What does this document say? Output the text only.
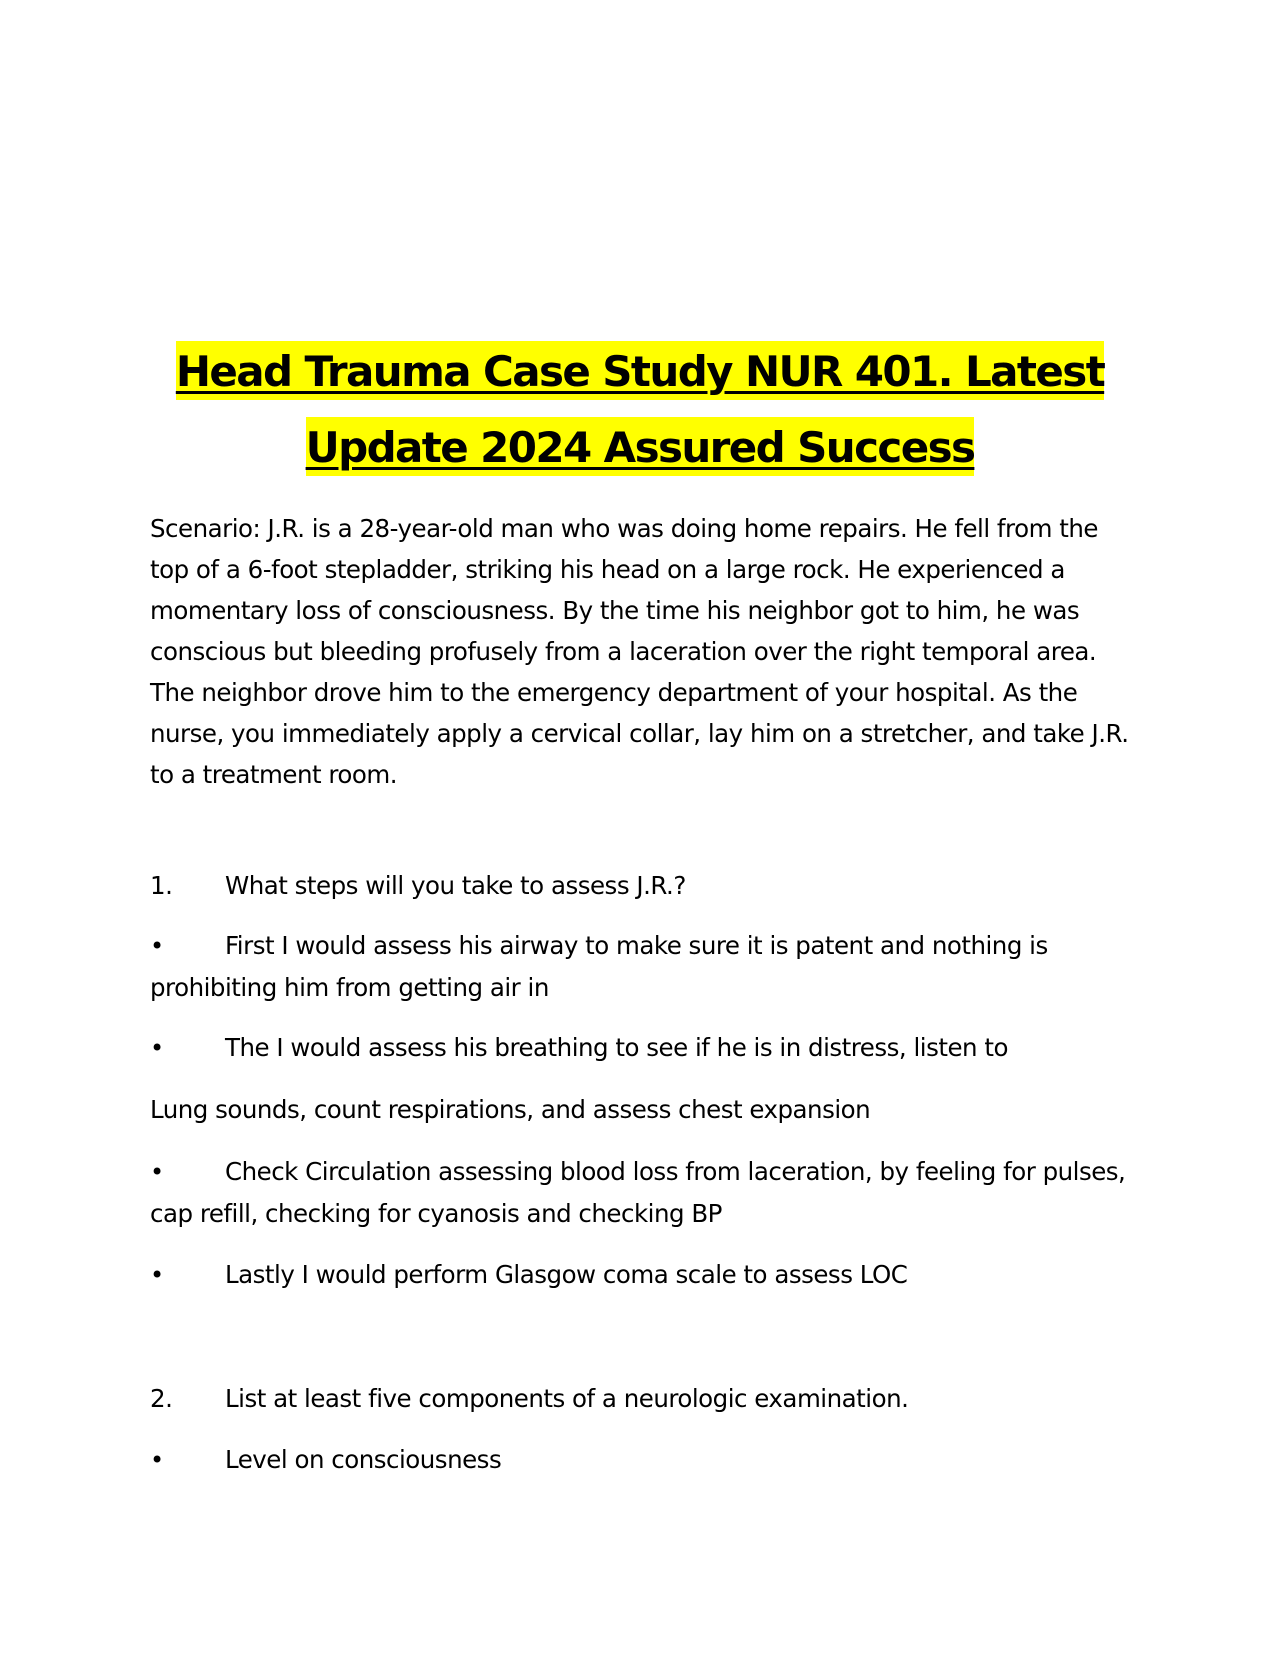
Head Trauma Case Study NUR 401. Latest

Update 2024 Assured Success

Scenario: J.R. is a 28-year-old man who was doing home repairs. He fell from the top of a 6-foot stepladder, striking his head on a large rock. He experienced a momentary loss of consciousness. By the time his neighbor got to him, he was conscious but bleeding profusely from a laceration over the right temporal area. The neighbor drove him to the emergency department of your hospital. As the nurse, you immediately apply a cervical collar, lay him on a stretcher, and take J.R. to a treatment room.

1. What steps will you take to assess J.R.?

•	First I would assess his airway to make sure it is patent and nothing is
prohibiting him from getting air in

•	The I would assess his breathing to see if he is in distress, listen to

Lung sounds, count respirations, and assess chest expansion

•	Check Circulation assessing blood loss from laceration, by feeling for pulses,
cap refill, checking for cyanosis and checking BP

•	Lastly I would perform Glasgow coma scale to assess LOC

2. List at least five components of a neurologic examination.

•	Level on consciousness
